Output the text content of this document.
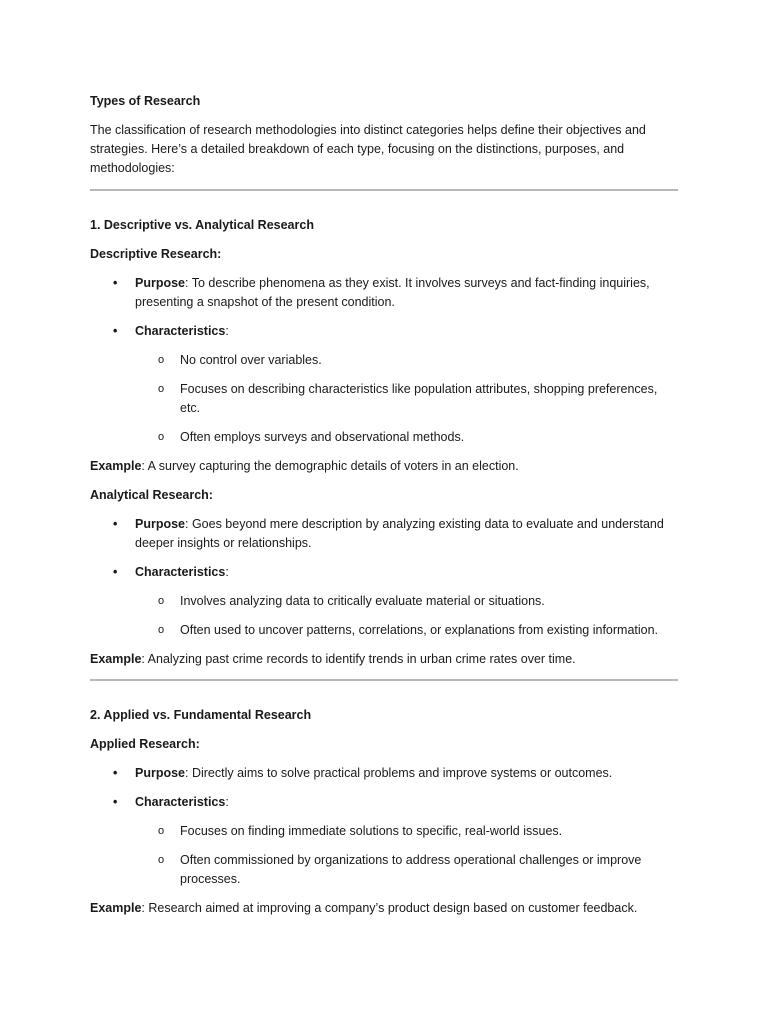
Types of Research

The classification of research methodologies into distinct categories helps define their objectives and strategies. Here’s a detailed breakdown of each type, focusing on the distinctions, purposes, and methodologies:

1. Descriptive vs. Analytical Research

Descriptive Research:

• Purpose: To describe phenomena as they exist. It involves surveys and fact-finding inquiries, presenting a snapshot of the present condition.
• Characteristics:
o No control over variables.
o Focuses on describing characteristics like population attributes, shopping preferences, etc.
o Often employs surveys and observational methods.

Example: A survey capturing the demographic details of voters in an election.

Analytical Research:

• Purpose: Goes beyond mere description by analyzing existing data to evaluate and understand deeper insights or relationships.
• Characteristics:
o Involves analyzing data to critically evaluate material or situations.
o Often used to uncover patterns, correlations, or explanations from existing information.

Example: Analyzing past crime records to identify trends in urban crime rates over time.

2. Applied vs. Fundamental Research

Applied Research:

• Purpose: Directly aims to solve practical problems and improve systems or outcomes.
• Characteristics:
o Focuses on finding immediate solutions to specific, real-world issues.
o Often commissioned by organizations to address operational challenges or improve processes.

Example: Research aimed at improving a company’s product design based on customer feedback.
